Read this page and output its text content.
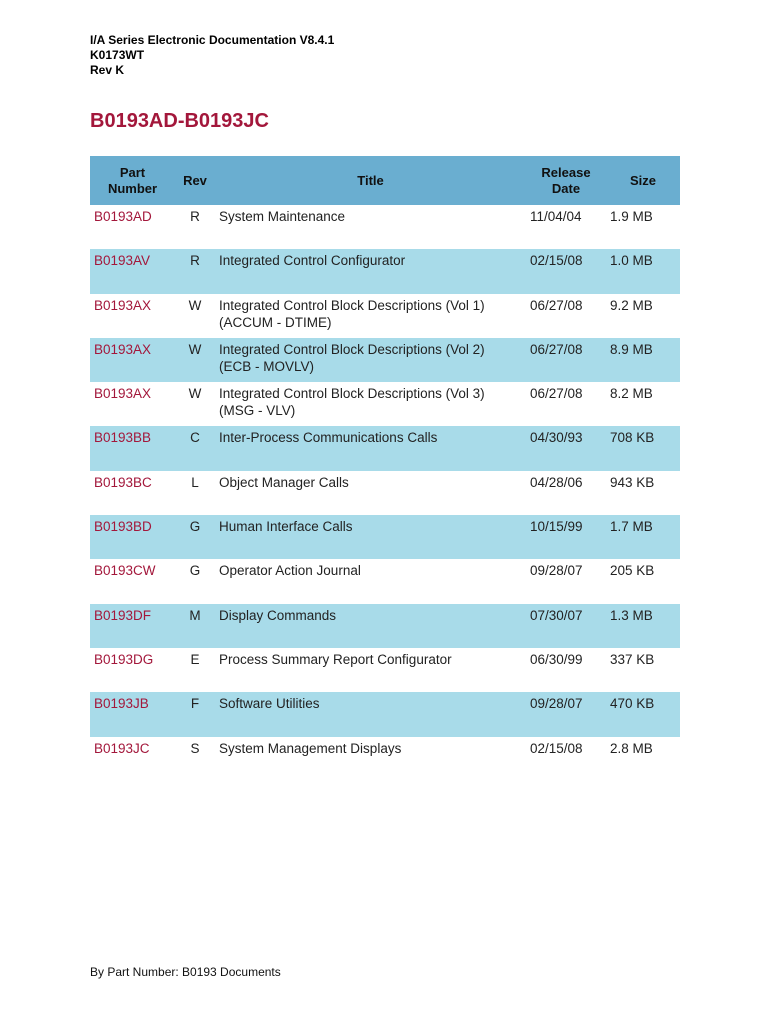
I/A Series Electronic Documentation V8.4.1
K0173WT
Rev K
B0193AD-B0193JC
Part Number	Rev	Title	Release Date	Size
B0193AD	R	System Maintenance	11/04/04	1.9 MB
B0193AV	R	Integrated Control Configurator	02/15/08	1.0 MB
B0193AX	W	Integrated Control Block Descriptions (Vol 1)
(ACCUM - DTIME)	06/27/08	9.2 MB
B0193AX	W	Integrated Control Block Descriptions (Vol 2)
(ECB - MOVLV)	06/27/08	8.9 MB
B0193AX	W	Integrated Control Block Descriptions (Vol 3)
(MSG - VLV)	06/27/08	8.2 MB
B0193BB	C	Inter-Process Communications Calls	04/30/93	708 KB
B0193BC	L	Object Manager Calls	04/28/06	943 KB
B0193BD	G	Human Interface Calls	10/15/99	1.7 MB
B0193CW	G	Operator Action Journal	09/28/07	205 KB
B0193DF	M	Display Commands	07/30/07	1.3 MB
B0193DG	E	Process Summary Report Configurator	06/30/99	337 KB
B0193JB	F	Software Utilities	09/28/07	470 KB
B0193JC	S	System Management Displays	02/15/08	2.8 MB
By Part Number: B0193 Documents
